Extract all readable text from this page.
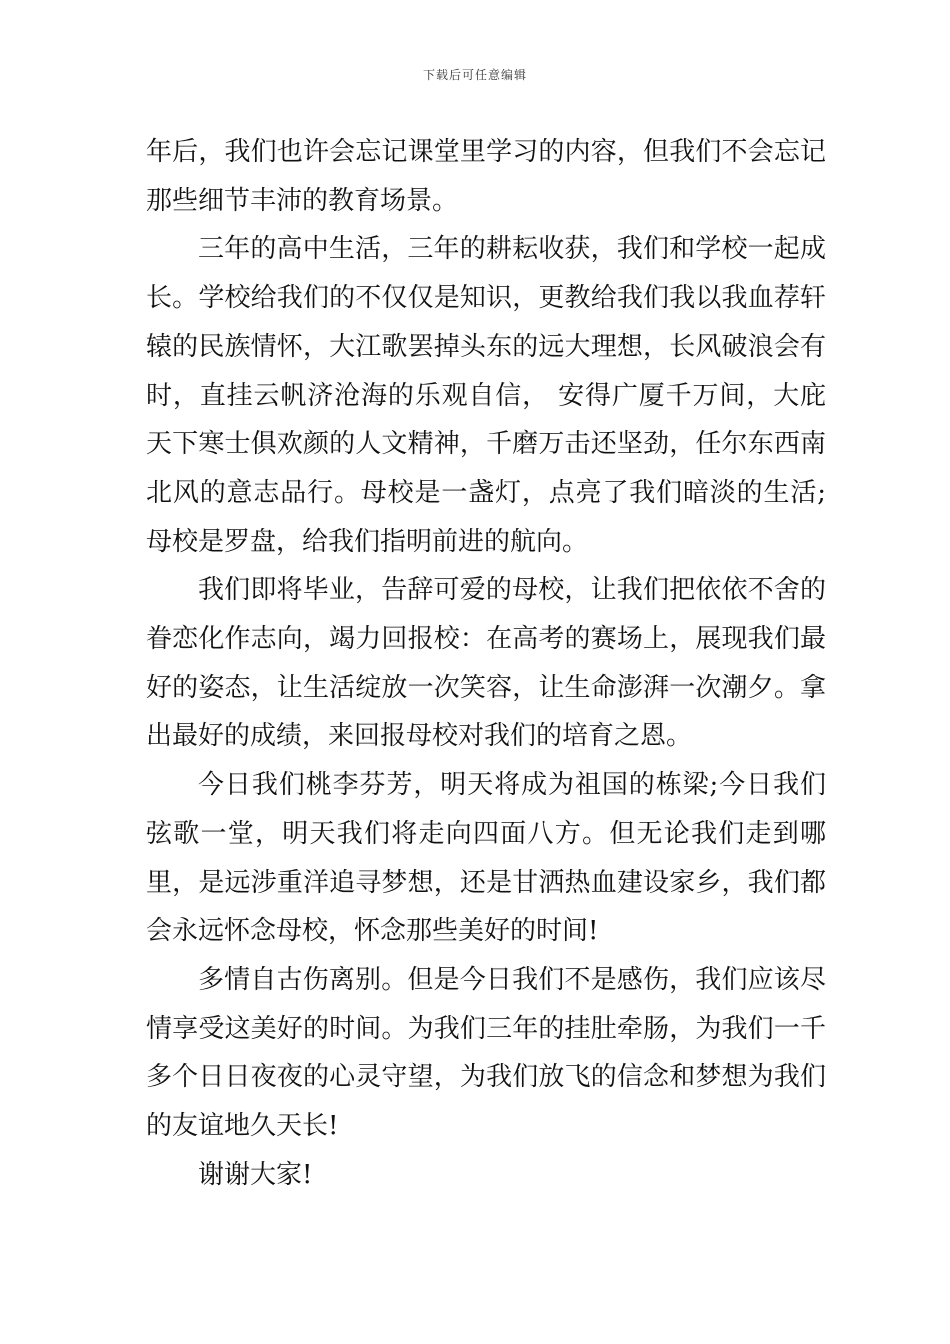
下载后可任意编辑

年后，我们也许会忘记课堂里学习的内容，但我们不会忘记那些细节丰沛的教育场景。

三年的高中生活，三年的耕耘收获，我们和学校一起成长。学校给我们的不仅仅是知识，更教给我们我以我血荐轩辕的民族情怀，大江歌罢掉头东的远大理想，长风破浪会有时，直挂云帆济沧海的乐观自信， 安得广厦千万间，大庇天下寒士俱欢颜的人文精神，千磨万击还坚劲，任尔东西南北风的意志品行。母校是一盏灯，点亮了我们暗淡的生活;母校是罗盘，给我们指明前进的航向。

我们即将毕业，告辞可爱的母校，让我们把依依不舍的眷恋化作志向，竭力回报校：在高考的赛场上，展现我们最好的姿态，让生活绽放一次笑容，让生命澎湃一次潮夕。拿出最好的成绩，来回报母校对我们的培育之恩。

今日我们桃李芬芳，明天将成为祖国的栋梁;今日我们弦歌一堂，明天我们将走向四面八方。但无论我们走到哪里，是远涉重洋追寻梦想，还是甘洒热血建设家乡，我们都会永远怀念母校，怀念那些美好的时间!

多情自古伤离别。但是今日我们不是感伤，我们应该尽情享受这美好的时间。为我们三年的挂肚牵肠，为我们一千多个日日夜夜的心灵守望，为我们放飞的信念和梦想为我们的友谊地久天长!

谢谢大家!
